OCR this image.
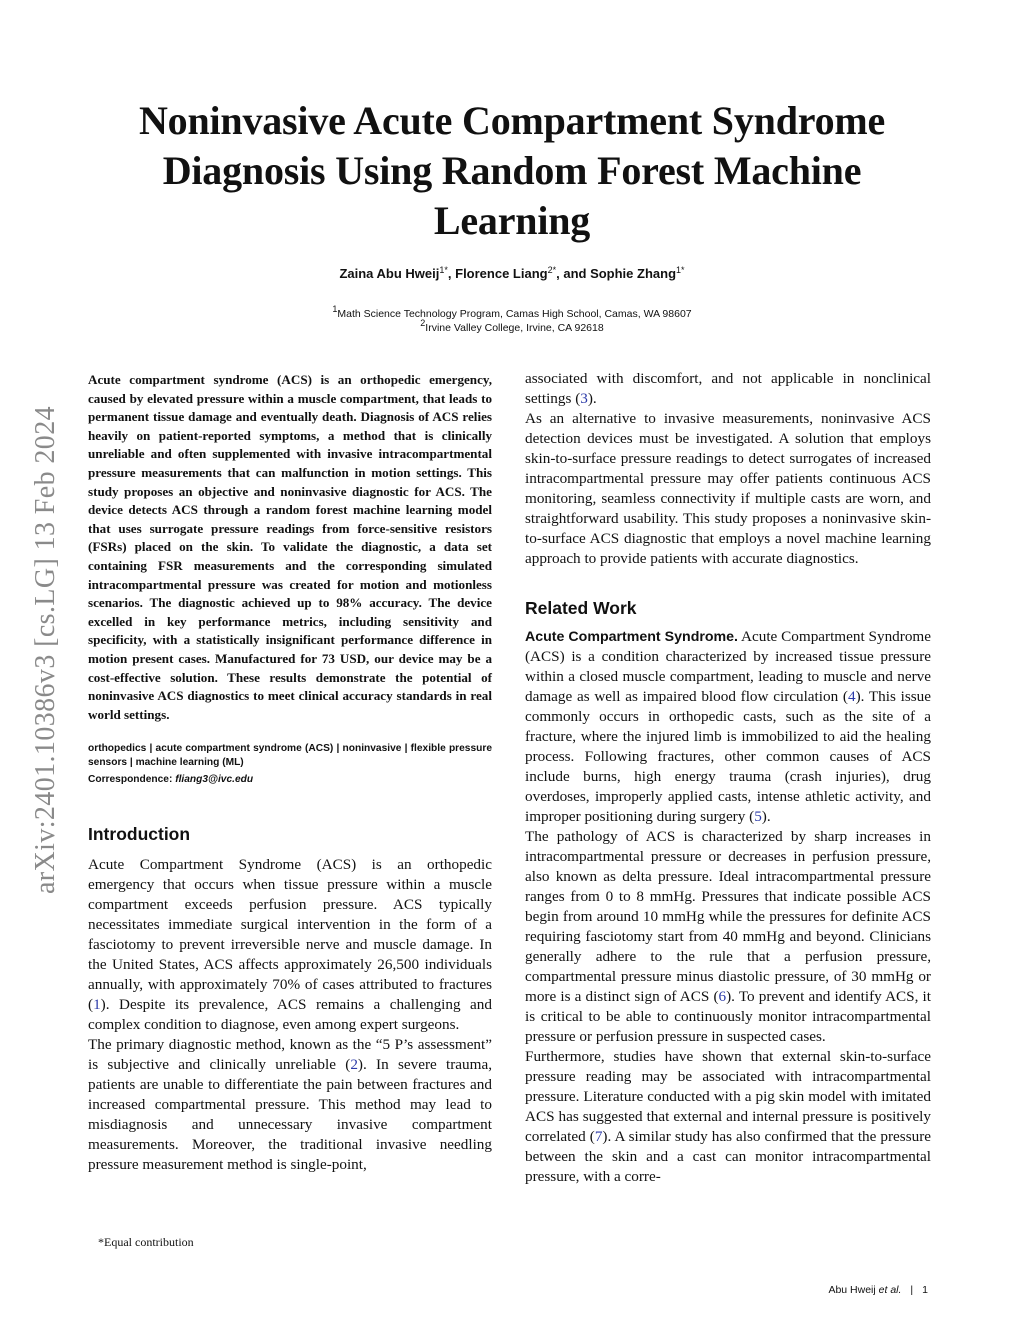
arXiv:2401.10386v3 [cs.LG] 13 Feb 2024
Noninvasive Acute Compartment Syndrome Diagnosis Using Random Forest Machine Learning
Zaina Abu Hweij$^{1*}$, Florence Liang$^{2*}$, and Sophie Zhang$^{1*}$
$^1$Math Science Technology Program, Camas High School, Camas, WA 98607
$^2$Irvine Valley College, Irvine, CA 92618

Acute compartment syndrome (ACS) is an orthopedic emergency, caused by elevated pressure within a muscle compartment, that leads to permanent tissue damage and eventually death. Diagnosis of ACS relies heavily on patient-reported symptoms, a method that is clinically unreliable and often supplemented with invasive intracompartmental pressure measurements that can malfunction in motion settings. This study proposes an objective and noninvasive diagnostic for ACS. The device detects ACS through a random forest machine learning model that uses surrogate pressure readings from force-sensitive resistors (FSRs) placed on the skin. To validate the diagnostic, a data set containing FSR measurements and the corresponding simulated intracompartmental pressure was created for motion and motionless scenarios. The diagnostic achieved up to 98% accuracy. The device excelled in key performance metrics, including sensitivity and specificity, with a statistically insignificant performance difference in motion present cases. Manufactured for 73 USD, our device may be a cost-effective solution. These results demonstrate the potential of noninvasive ACS diagnostics to meet clinical accuracy standards in real world settings.

orthopedics | acute compartment syndrome (ACS) | noninvasive | flexible pressure sensors | machine learning (ML)

Correspondence: fliang3@ivc.edu

Introduction

Acute Compartment Syndrome (ACS) is an orthopedic emergency that occurs when tissue pressure within a muscle compartment exceeds perfusion pressure. ACS typically necessitates immediate surgical intervention in the form of a fasciotomy to prevent irreversible nerve and muscle damage. In the United States, ACS affects approximately 26,500 individuals annually, with approximately 70% of cases attributed to fractures (1). Despite its prevalence, ACS remains a challenging and complex condition to diagnose, even among expert surgeons.

The primary diagnostic method, known as the “5 P’s assessment” is subjective and clinically unreliable (2). In severe trauma, patients are unable to differentiate the pain between fractures and increased compartmental pressure. This method may lead to misdiagnosis and unnecessary invasive compartment measurements. Moreover, the traditional invasive needling pressure measurement method is single-point,

associated with discomfort, and not applicable in nonclinical settings (3).

As an alternative to invasive measurements, noninvasive ACS detection devices must be investigated. A solution that employs skin-to-surface pressure readings to detect surrogates of increased intracompartmental pressure may offer patients continuous ACS monitoring, seamless connectivity if multiple casts are worn, and straightforward usability. This study proposes a noninvasive skin-to-surface ACS diagnostic that employs a novel machine learning approach to provide patients with accurate diagnostics.

Related Work

Acute Compartment Syndrome. Acute Compartment Syndrome (ACS) is a condition characterized by increased tissue pressure within a closed muscle compartment, leading to muscle and nerve damage as well as impaired blood flow circulation (4). This issue commonly occurs in orthopedic casts, such as the site of a fracture, where the injured limb is immobilized to aid the healing process. Following fractures, other common causes of ACS include burns, high energy trauma (crash injuries), drug overdoses, improperly applied casts, intense athletic activity, and improper positioning during surgery (5).

The pathology of ACS is characterized by sharp increases in intracompartmental pressure or decreases in perfusion pressure, also known as delta pressure. Ideal intracompartmental pressure ranges from 0 to 8 mmHg. Pressures that indicate possible ACS begin from around 10 mmHg while the pressures for definite ACS requiring fasciotomy start from 40 mmHg and beyond. Clinicians generally adhere to the rule that a perfusion pressure, compartmental pressure minus diastolic pressure, of 30 mmHg or more is a distinct sign of ACS (6). To prevent and identify ACS, it is critical to be able to continuously monitor intracompartmental pressure or perfusion pressure in suspected cases.

Furthermore, studies have shown that external skin-to-surface pressure reading may be associated with intracompartmental pressure. Literature conducted with a pig skin model with imitated ACS has suggested that external and internal pressure is positively correlated (7). A similar study has also confirmed that the pressure between the skin and a cast can monitor intracompartmental pressure, with a corre-

*Equal contribution
Abu Hweij et al. | 1
